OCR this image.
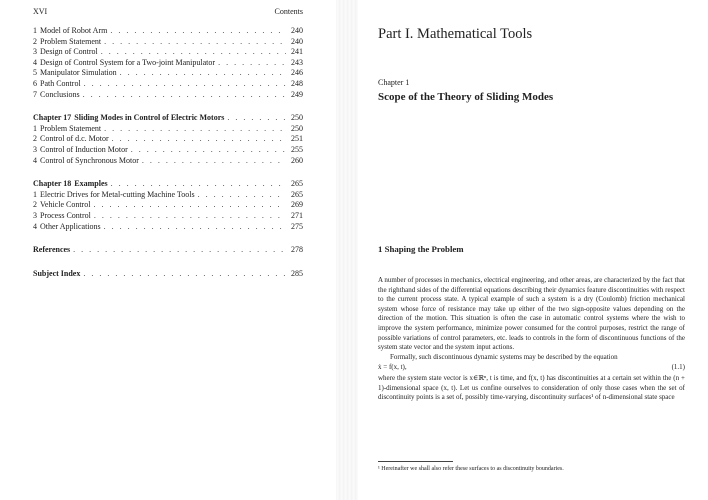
XVI	Contents
1 Model of Robot Arm . . .	240
2 Problem Statement . . .	240
3 Design of Control . . .	241
4 Design of Control System for a Two-joint Manipulator . . .	243
5 Manipulator Simulation . . .	246
6 Path Control . . .	248
7 Conclusions . . .	249
Chapter 17 Sliding Modes in Control of Electric Motors . . .	250
1 Problem Statement . . .	250
2 Control of d.c. Motor . . .	251
3 Control of Induction Motor . . .	255
4 Control of Synchronous Motor . . .	260
Chapter 18 Examples . . .	265
1 Electric Drives for Metal-cutting Machine Tools . . .	265
2 Vehicle Control . . .	269
3 Process Control . . .	271
4 Other Applications . . .	275
References . . .	278
Subject Index . . .	285
Part I. Mathematical Tools
Chapter 1
Scope of the Theory of Sliding Modes
1 Shaping the Problem

A number of processes in mechanics, electrical engineering, and other areas, are characterized by the fact that the righthand sides of the differential equations describing their dynamics feature discontinuities with respect to the current process state. A typical example of such a system is a dry (Coulomb) friction mechanical system whose force of resistance may take up either of the two sign-opposite values depending on the direction of the motion. This situation is often the case in automatic control systems where the wish to improve the system performance, minimize power consumed for the control purposes, restrict the range of possible variations of control parameters, etc. leads to controls in the form of discontinuous functions of the system state vector and the system input actions.

Formally, such discontinuous dynamic systems may be described by the equation

ẋ = f(x, t),	(1.1)

where the system state vector is x∈ℝⁿ, t is time, and f(x, t) has discontinuities at a certain set within the (n + 1)-dimensional space (x, t). Let us confine ourselves to consideration of only those cases when the set of discontinuity points is a set of, possibly time-varying, discontinuity surfaces¹ of n-dimensional state space

¹ Hereinafter we shall also refer these surfaces to as discontinuity boundaries.
